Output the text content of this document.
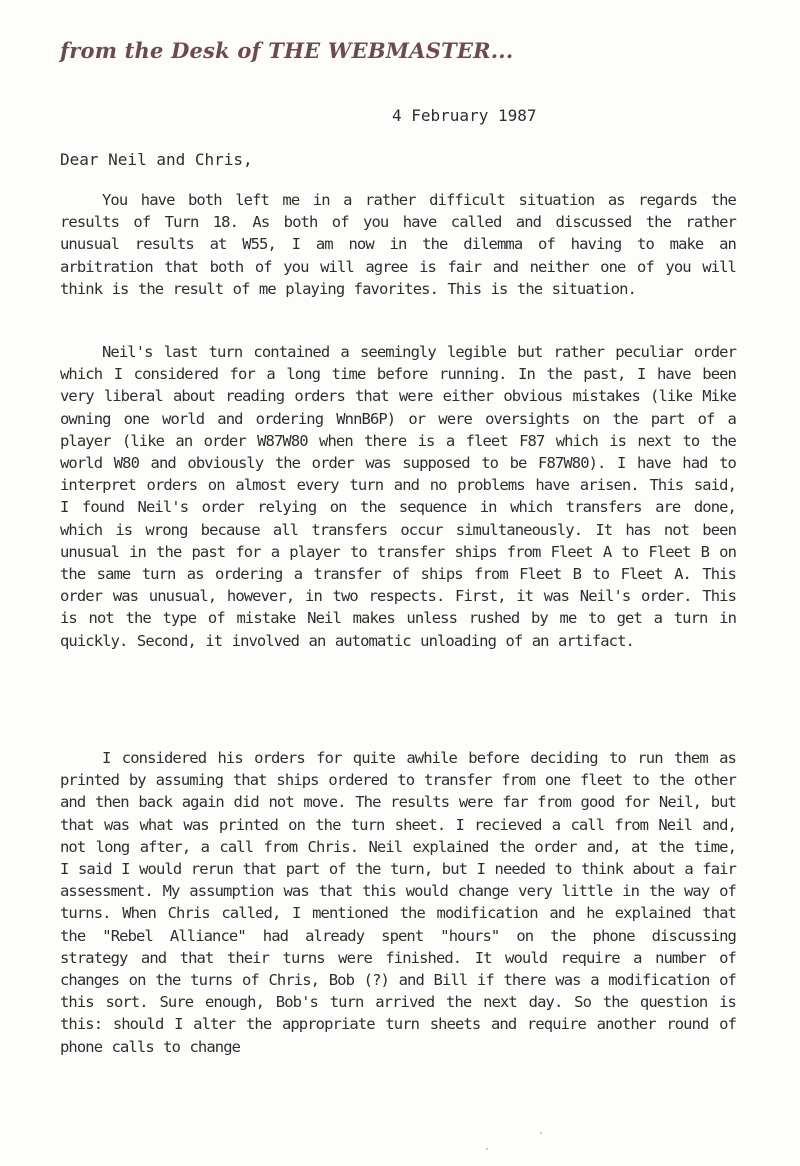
from the Desk of THE WEBMASTER...
4 February 1987
Dear Neil and Chris,

You have both left me in a rather difficult situation as regards the results of Turn 18. As both of you have called and discussed the rather unusual results at W55, I am now in the dilemma of having to make an arbitration that both of you will agree is fair and neither one of you will think is the result of me playing favorites. This is the situation.

Neil's last turn contained a seemingly legible but rather peculiar order which I considered for a long time before running. In the past, I have been very liberal about reading orders that were either obvious mistakes (like Mike owning one world and ordering WnnB6P) or were oversights on the part of a player (like an order W87W80 when there is a fleet F87 which is next to the world W80 and obviously the order was supposed to be F87W80). I have had to interpret orders on almost every turn and no problems have arisen. This said, I found Neil's order relying on the sequence in which transfers are done, which is wrong because all transfers occur simultaneously. It has not been unusual in the past for a player to transfer ships from Fleet A to Fleet B on the same turn as ordering a transfer of ships from Fleet B to Fleet A. This order was unusual, however, in two respects. First, it was Neil's order. This is not the type of mistake Neil makes unless rushed by me to get a turn in quickly. Second, it involved an automatic unloading of an artifact.

I considered his orders for quite awhile before deciding to run them as printed by assuming that ships ordered to transfer from one fleet to the other and then back again did not move. The results were far from good for Neil, but that was what was printed on the turn sheet. I recieved a call from Neil and, not long after, a call from Chris. Neil explained the order and, at the time, I said I would rerun that part of the turn, but I needed to think about a fair assessment. My assumption was that this would change very little in the way of turns. When Chris called, I mentioned the modification and he explained that the "Rebel Alliance" had already spent "hours" on the phone discussing strategy and that their turns were finished. It would require a number of changes on the turns of Chris, Bob (?) and Bill if there was a modification of this sort. Sure enough, Bob's turn arrived the next day. So the question is this: should I alter the appropriate turn sheets and require another round of phone calls to change
